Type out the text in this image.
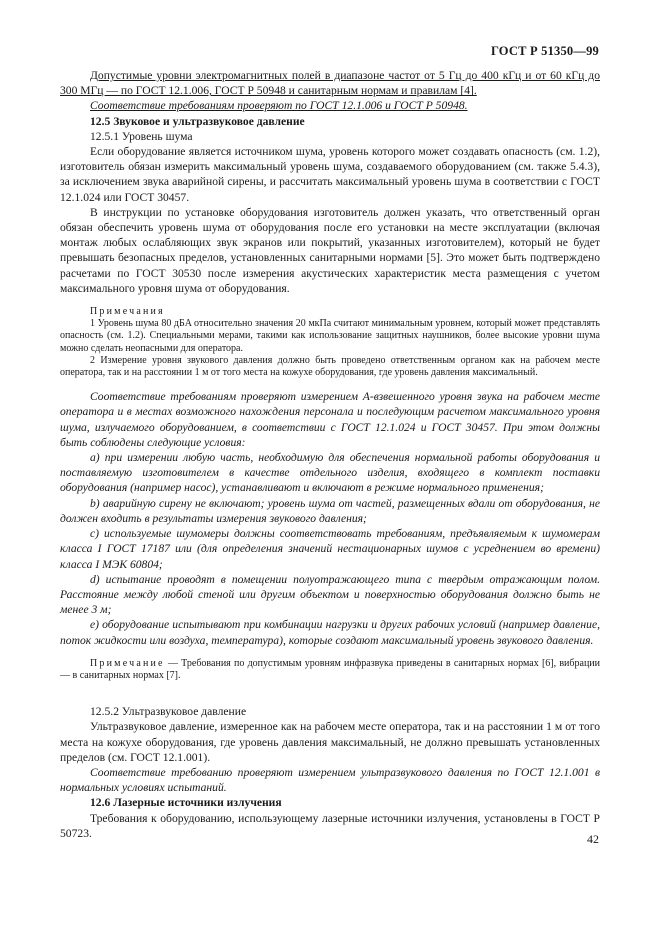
ГОСТ Р 51350—99

Допустимые уровни электромагнитных полей в диапазоне частот от 5 Гц до 400 кГц и от 60 кГц до 300 МГц — по ГОСТ 12.1.006, ГОСТ Р 50948 и санитарным нормам и правилам [4].

Соответствие требованиям проверяют по ГОСТ 12.1.006 и ГОСТ Р 50948.

12.5 Звуковое и ультразвуковое давление

12.5.1 Уровень шума

Если оборудование является источником шума, уровень которого может создавать опасность (см. 1.2), изготовитель обязан измерить максимальный уровень шума, создаваемого оборудованием (см. также 5.4.3), за исключением звука аварийной сирены, и рассчитать максимальный уровень шума в соответствии с ГОСТ 12.1.024 или ГОСТ 30457.

В инструкции по установке оборудования изготовитель должен указать, что ответственный орган обязан обеспечить уровень шума от оборудования после его установки на месте эксплуатации (включая монтаж любых ослабляющих звук экранов или покрытий, указанных изготовителем), который не будет превышать безопасных пределов, установленных санитарными нормами [5]. Это может быть подтверждено расчетами по ГОСТ 30530 после измерения акустических характеристик места размещения с учетом максимального уровня шума от оборудования.

Примечания

1 Уровень шума 80 дБA относительно значения 20 мкПа считают минимальным уровнем, который может представлять опасность (см. 1.2). Специальными мерами, такими как использование защитных наушников, более высокие уровни шума можно сделать неопасными для оператора.

2 Измерение уровня звукового давления должно быть проведено ответственным органом как на рабочем месте оператора, так и на расстоянии 1 м от того места на кожухе оборудования, где уровень давления максимальный.

Соответствие требованиям проверяют измерением А-взвешенного уровня звука на рабочем месте оператора и в местах возможного нахождения персонала и последующим расчетом максимального уровня шума, излучаемого оборудованием, в соответствии с ГОСТ 12.1.024 и ГОСТ 30457. При этом должны быть соблюдены следующие условия:

а) при измерении любую часть, необходимую для обеспечения нормальной работы оборудования и поставляемую изготовителем в качестве отдельного изделия, входящего в комплект поставки оборудования (например насос), устанавливают и включают в режиме нормального применения;

b) аварийную сирену не включают; уровень шума от частей, размещенных вдали от оборудования, не должен входить в результаты измерения звукового давления;

c) используемые шумомеры должны соответствовать требованиям, предъявляемым к шумомерам класса I ГОСТ 17187 или (для определения значений нестационарных шумов с усреднением во времени) класса I МЭК 60804;

d) испытание проводят в помещении полуотражающего типа с твердым отражающим полом. Расстояние между любой стеной или другим объектом и поверхностью оборудования должно быть не менее 3 м;

e) оборудование испытывают при комбинации нагрузки и других рабочих условий (например давление, поток жидкости или воздуха, температура), которые создают максимальный уровень звукового давления.

Примечание — Требования по допустимым уровням инфразвука приведены в санитарных нормах [6], вибрации — в санитарных нормах [7].

12.5.2 Ультразвуковое давление

Ультразвуковое давление, измеренное как на рабочем месте оператора, так и на расстоянии 1 м от того места на кожухе оборудования, где уровень давления максимальный, не должно превышать установленных пределов (см. ГОСТ 12.1.001).

Соответствие требованию проверяют измерением ультразвукового давления по ГОСТ 12.1.001 в нормальных условиях испытаний.

12.6 Лазерные источники излучения

Требования к оборудованию, использующему лазерные источники излучения, установлены в ГОСТ Р 50723.	42
